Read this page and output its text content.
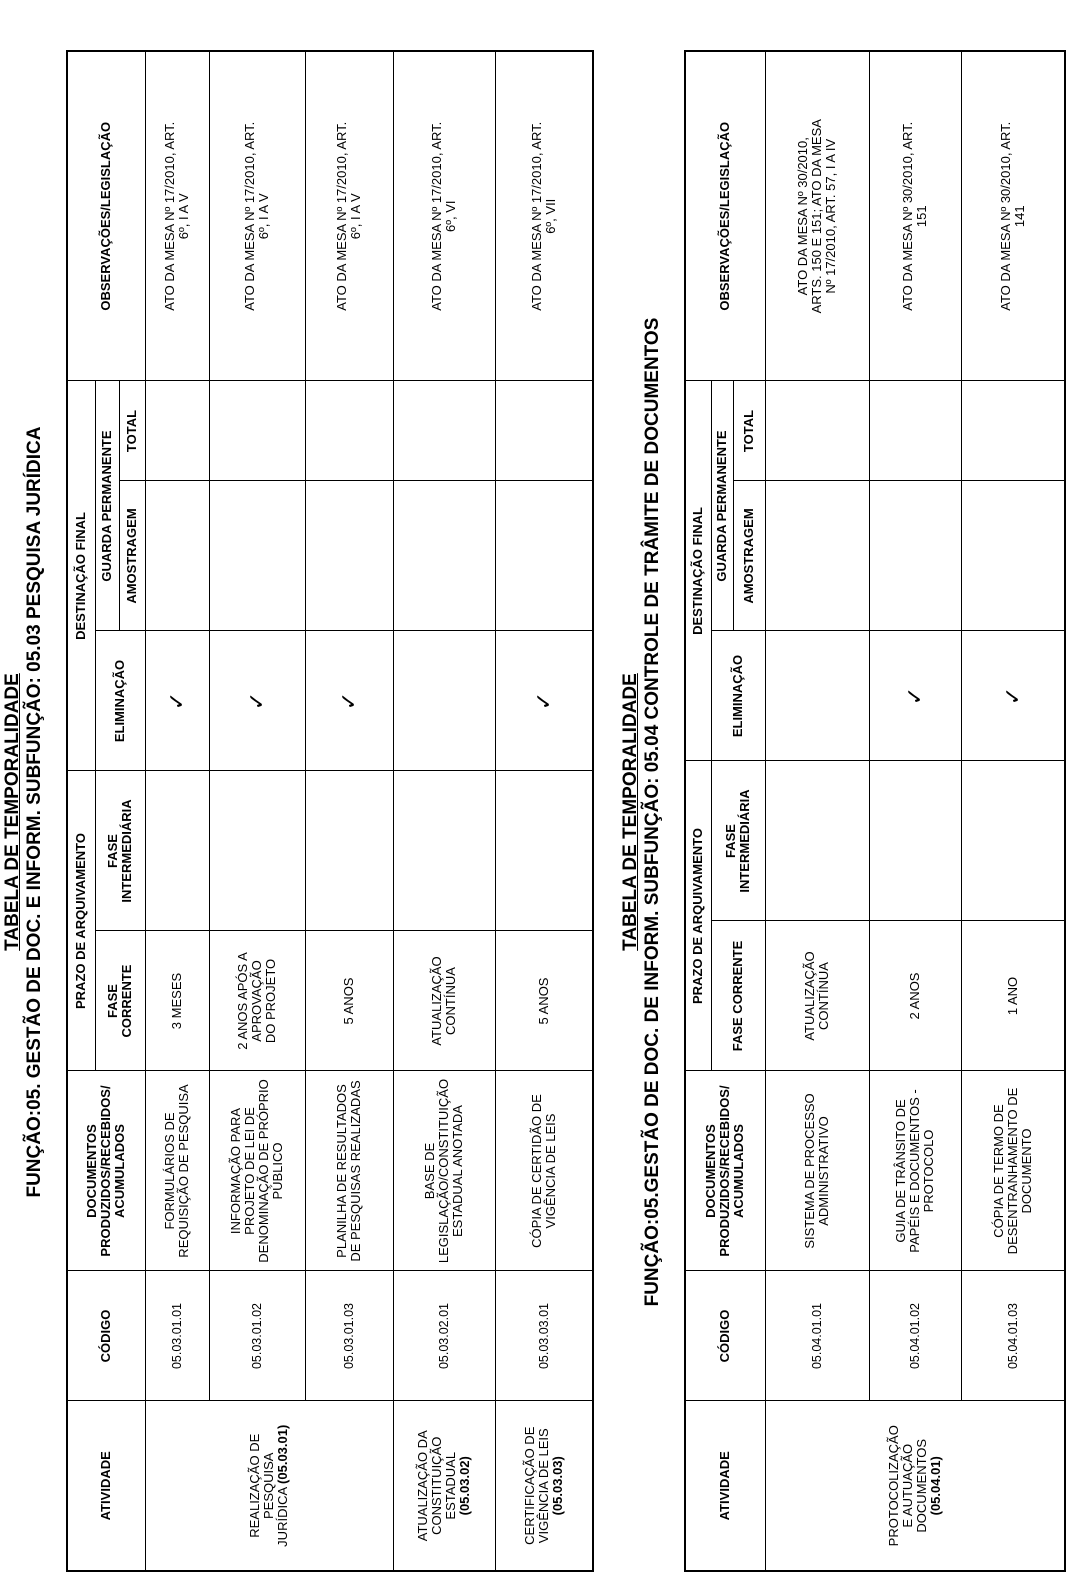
TABELA DE TEMPORALIDADE FUNÇÃO:05. GESTÃO DE DOC. E INFORM. SUBFUNÇÃO: 05.03 PESQUISA JURÍDICA
ATIVIDADE	CÓDIGO	DOCUMENTOS
PRODUZIDOS/RECEBIDOS/
ACUMULADOS	PRAZO DE ARQUIVAMENTO		DESTINAÇÃO FINAL			OBSERVAÇÕES/LEGISLAÇÃO
			FASE
CORRENTE	FASE
INTERMEDIÁRIA	ELIMINAÇÃO	GUARDA PERMANENTE		
						AMOSTRAGEM	TOTAL	
REALIZAÇÃO DE
PESQUISA
JURÍDICA (05.03.01)	05.03.01.01	FORMULÁRIOS DE
REQUISIÇÃO DE PESQUISA	3 MESES		✓			ATO DA MESA Nº 17/2010, ART.
6º, I A V
	05.03.01.02	INFORMAÇÃO PARA
PROJETO DE LEI DE
DENOMINAÇÃO DE PRÓPRIO
PÚBLICO	2 ANOS APÓS A
APROVAÇÃO
DO PROJETO		✓			ATO DA MESA Nº 17/2010, ART.
6º, I A V
	05.03.01.03	PLANILHA DE RESULTADOS
DE PESQUISAS REALIZADAS	5 ANOS		✓			ATO DA MESA Nº 17/2010, ART.
6º, I A V
ATUALIZAÇÃO DA
CONSTITUIÇÃO
ESTADUAL
(05.03.02)	05.03.02.01	BASE DE
LEGISLAÇÃO/CONSTITUIÇÃO
ESTADUAL ANOTADA	ATUALIZAÇÃO
CONTÍNUA					ATO DA MESA Nº 17/2010, ART.
6º, VI
CERTIFICAÇÃO DE
VIGÊNCIA DE LEIS
(05.03.03)	05.03.03.01	CÓPIA DE CERTIDÃO DE
VIGÊNCIA DE LEIS	5 ANOS		✓			ATO DA MESA Nº 17/2010, ART.
6º, VII
TABELA DE TEMPORALIDADE FUNÇÃO:05.GESTÃO DE DOC. DE INFORM. SUBFUNÇÃO: 05.04 CONTROLE DE TRÂMITE DE DOCUMENTOS
ATIVIDADE	CÓDIGO	DOCUMENTOS
PRODUZIDOS/RECEBIDOS/
ACUMULADOS	PRAZO DE ARQUIVAMENTO		DESTINAÇÃO FINAL			OBSERVAÇÕES/LEGISLAÇÃO
			FASE CORRENTE	FASE
INTERMEDIÁRIA	ELIMINAÇÃO	GUARDA PERMANENTE		
						AMOSTRAGEM	TOTAL	
PROTOCOLIZAÇÃO
E AUTUAÇÃO
DOCUMENTOS
(05.04.01)	05.04.01.01	SISTEMA DE PROCESSO
ADMINISTRATIVO	ATUALIZAÇÃO
CONTÍNUA					ATO DA MESA Nº 30/2010,
ARTS. 150 E 151; ATO DA MESA
Nº 17/2010, ART. 57, I A IV
	05.04.01.02	GUIA DE TRÂNSITO DE
PAPÉIS E DOCUMENTOS -
PROTOCOLO	2 ANOS		✓			ATO DA MESA Nº 30/2010, ART.
151
	05.04.01.03	CÓPIA DE TERMO DE
DESENTRANHAMENTO DE
DOCUMENTO	1 ANO		✓			ATO DA MESA Nº 30/2010, ART.
141
